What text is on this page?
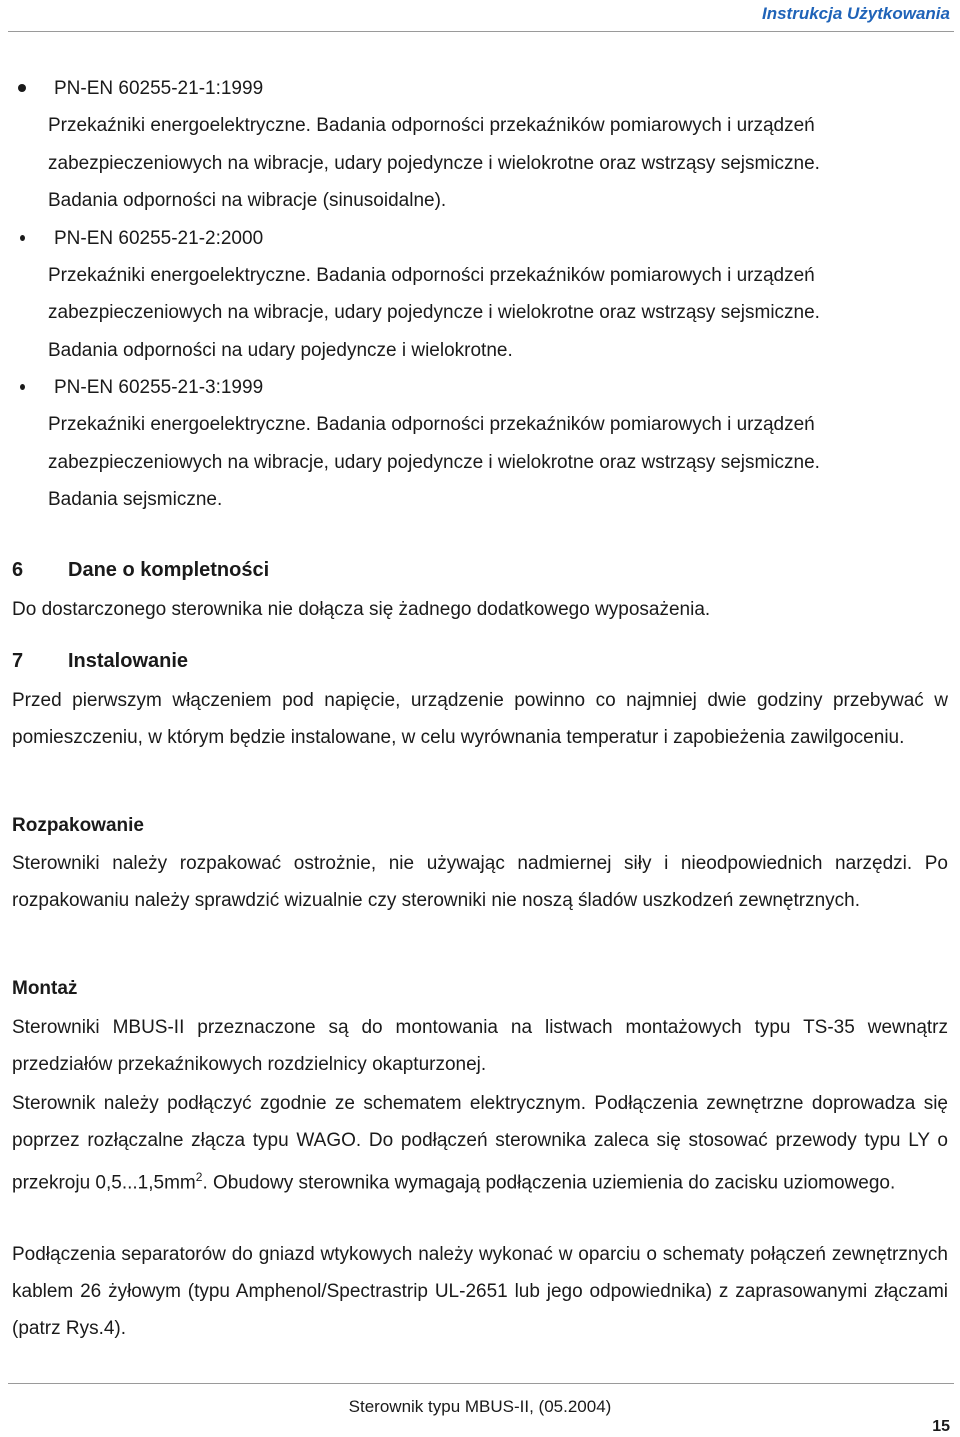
Instrukcja Użytkowania
PN-EN 60255-21-1:1999
Przekaźniki energoelektryczne. Badania odporności przekaźników pomiarowych i urządzeń
zabezpieczeniowych na wibracje, udary pojedyncze i wielokrotne oraz wstrząsy sejsmiczne.
Badania odporności na wibracje (sinusoidalne).
PN-EN 60255-21-2:2000
Przekaźniki energoelektryczne. Badania odporności przekaźników pomiarowych i urządzeń
zabezpieczeniowych na wibracje, udary pojedyncze i wielokrotne oraz wstrząsy sejsmiczne.
Badania odporności na udary pojedyncze i wielokrotne.
PN-EN 60255-21-3:1999
Przekaźniki energoelektryczne. Badania odporności przekaźników pomiarowych i urządzeń
zabezpieczeniowych na wibracje, udary pojedyncze i wielokrotne oraz wstrząsy sejsmiczne.
Badania sejsmiczne.
6 Dane o kompletności
Do dostarczonego sterownika nie dołącza się żadnego dodatkowego wyposażenia.
7 Instalowanie
Przed pierwszym włączeniem pod napięcie, urządzenie powinno co najmniej dwie godziny przebywać w pomieszczeniu, w którym będzie instalowane, w celu wyrównania temperatur i zapobieżenia zawilgoceniu.
Rozpakowanie
Sterowniki należy rozpakować ostrożnie, nie używając nadmiernej siły i nieodpowiednich narzędzi. Po rozpakowaniu należy sprawdzić wizualnie czy sterowniki nie noszą śladów uszkodzeń zewnętrznych.
Montaż
Sterowniki MBUS-II przeznaczone są do montowania na listwach montażowych typu TS-35 wewnątrz przedziałów przekaźnikowych rozdzielnicy okapturzonej.
Sterownik należy podłączyć zgodnie ze schematem elektrycznym. Podłączenia zewnętrzne doprowadza się poprzez rozłączalne złącza typu WAGO. Do podłączeń sterownika zaleca się stosować przewody typu LY o przekroju $0,5...1,5mm^2$. Obudowy sterownika wymagają podłączenia uziemienia do zacisku uziomowego.
Podłączenia separatorów do gniazd wtykowych należy wykonać w oparciu o schematy połączeń zewnętrznych kablem 26 żyłowym (typu Amphenol/Spectrastrip UL-2651 lub jego odpowiednika) z zaprasowanymi złączami (patrz Rys.4).
Sterownik typu MBUS-II, (05.2004)
15
